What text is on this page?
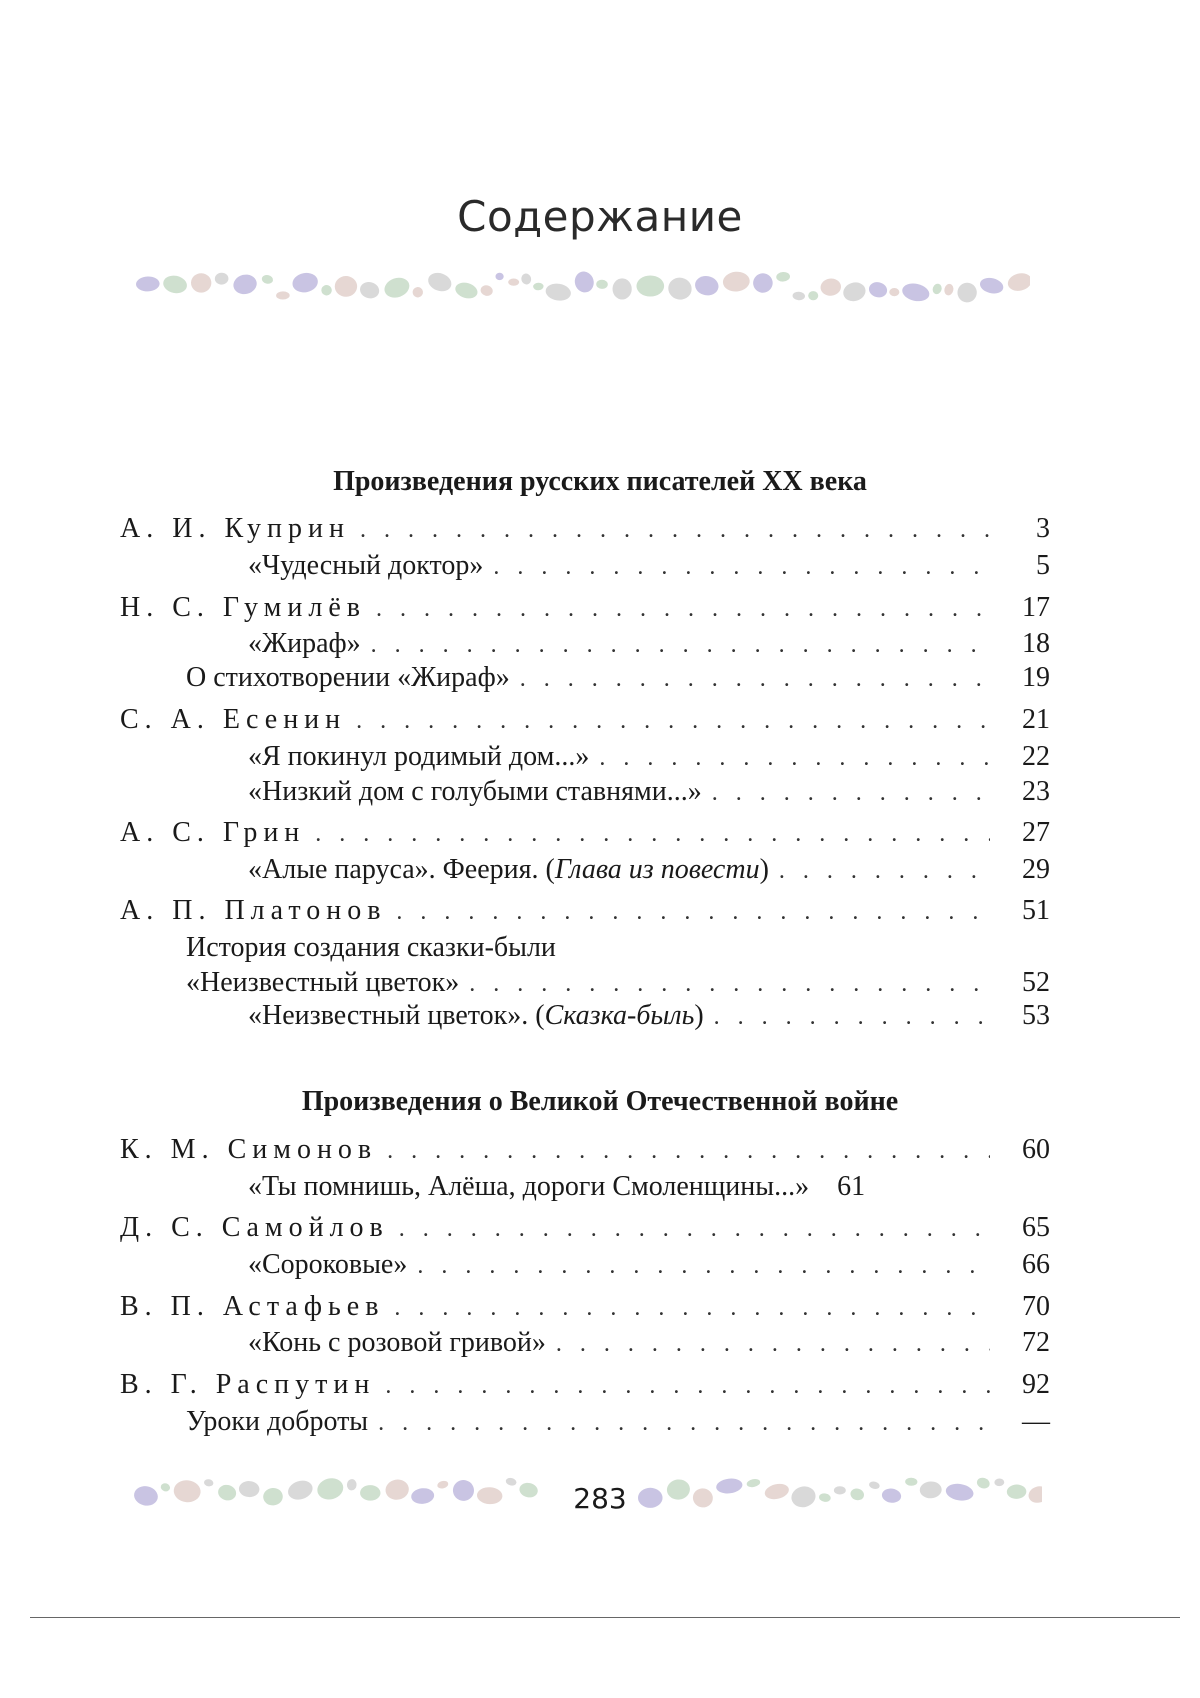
Содержание
Произведения русских писателей XX века
А. И. Куприн . . .	3
«Чудесный доктор» . . .	5
Н. С. Гумилёв . . .	17
«Жираф» . . .	18
О стихотворении «Жираф» . . .	19
С. А. Есенин . . .	21
«Я покинул родимый дом...» . . .	22
«Низкий дом с голубыми ставнями...» . . .	23
А. С. Грин . . .	27
«Алые паруса». Феерия. (Глава из повести) . . .	29
А. П. Платонов . . .	51
История создания сказки-были
«Неизвестный цветок» . . .	52
«Неизвестный цветок». (Сказка-быль) . . .	53
Произведения о Великой Отечественной войне
К. М. Симонов . . .	60
«Ты помнишь, Алёша, дороги Смоленщины...»	61
Д. С. Самойлов . . .	65
«Сороковые» . . .	66
В. П. Астафьев . . .	70
«Конь с розовой гривой» . . .	72
В. Г. Распутин . . .	92
Уроки доброты . . .	—
283
